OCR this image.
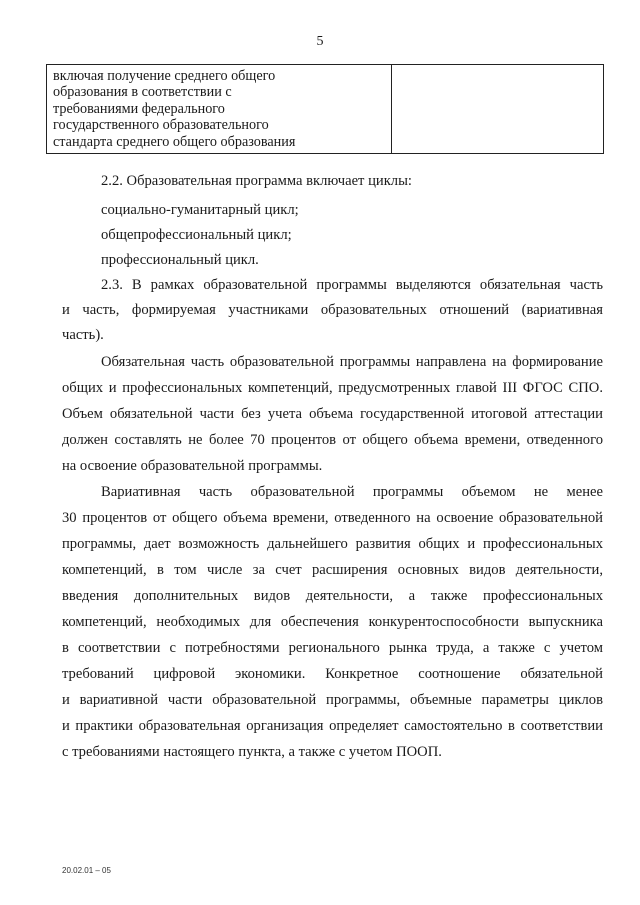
5
включая получение среднего общего
образования в соответствии с
требованиями федерального
государственного образовательного
стандарта среднего общего образования

2.2. Образовательная программа включает циклы:
социально-гуманитарный цикл;
общепрофессиональный цикл;
профессиональный цикл.
2.3. В рамках образовательной программы выделяются обязательная часть
и часть, формируемая участниками образовательных отношений (вариативная
часть).
Обязательная часть образовательной программы направлена на формирование
общих и профессиональных компетенций, предусмотренных главой III ФГОС СПО.
Объем обязательной части без учета объема государственной итоговой аттестации
должен составлять не более 70 процентов от общего объема времени, отведенного
на освоение образовательной программы.
Вариативная часть образовательной программы объемом не менее
30 процентов от общего объема времени, отведенного на освоение образовательной
программы, дает возможность дальнейшего развития общих и профессиональных
компетенций, в том числе за счет расширения основных видов деятельности,
введения дополнительных видов деятельности, а также профессиональных
компетенций, необходимых для обеспечения конкурентоспособности выпускника
в соответствии с потребностями регионального рынка труда, а также с учетом
требований цифровой экономики. Конкретное соотношение обязательной
и вариативной части образовательной программы, объемные параметры циклов
и практики образовательная организация определяет самостоятельно в соответствии
с требованиями настоящего пункта, а также с учетом ПООП.
20.02.01 – 05
